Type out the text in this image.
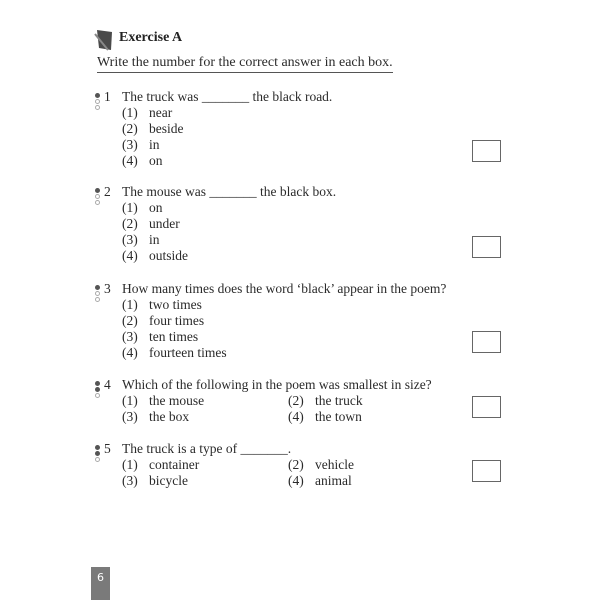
Exercise A
Write the number for the correct answer in each box.
1 The truck was _______ the black road.
(1) near
(2) beside
(3) in
(4) on
2 The mouse was _______ the black box.
(1) on
(2) under
(3) in
(4) outside
3 How many times does the word ‘black’ appear in the poem?
(1) two times
(2) four times
(3) ten times
(4) fourteen times
4 Which of the following in the poem was smallest in size?
(1) the mouse	(2) the truck
(3) the box	(4) the town
5 The truck is a type of _______.
(1) container	(2) vehicle
(3) bicycle	(4) animal
6
